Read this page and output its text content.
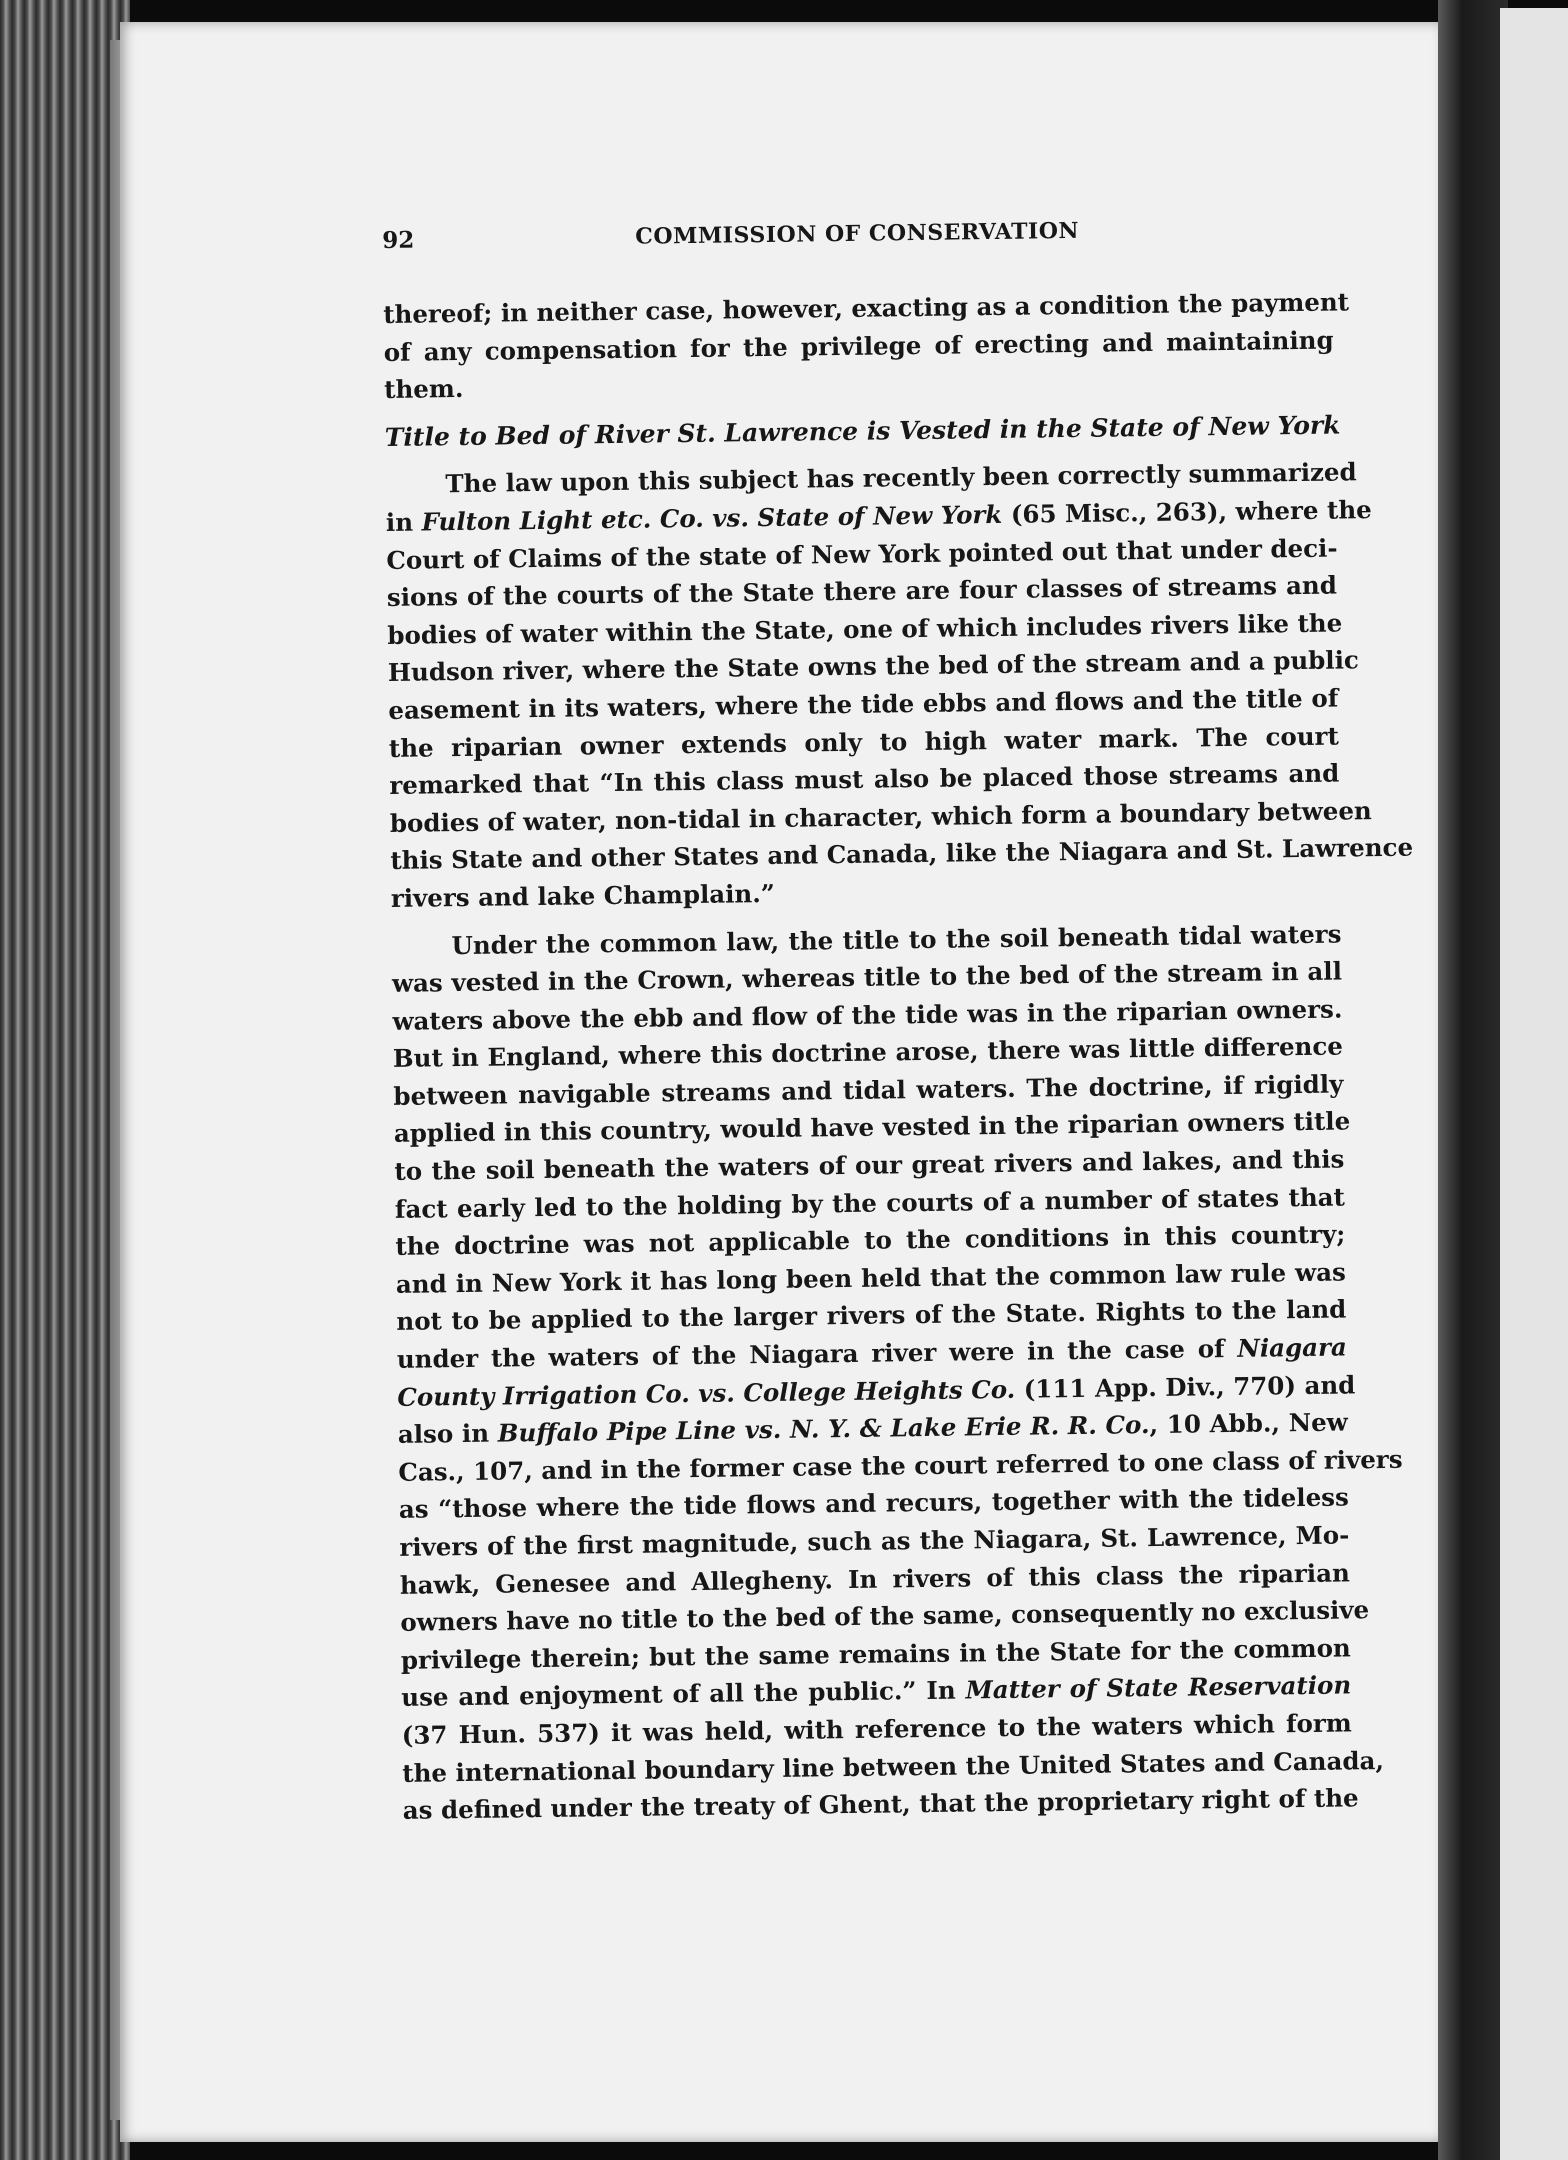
92	COMMISSION OF CONSERVATION
thereof; in neither case, however, exacting as a condition the payment
of any compensation for the privilege of erecting and maintaining
them.
Title to Bed of River St. Lawrence is Vested in the State of New York
The law upon this subject has recently been correctly summarized
in Fulton Light etc. Co. vs. State of New York (65 Misc., 263), where the
Court of Claims of the state of New York pointed out that under deci-
sions of the courts of the State there are four classes of streams and
bodies of water within the State, one of which includes rivers like the
Hudson river, where the State owns the bed of the stream and a public
easement in its waters, where the tide ebbs and flows and the title of
the riparian owner extends only to high water mark. The court
remarked that “In this class must also be placed those streams and
bodies of water, non-tidal in character, which form a boundary between
this State and other States and Canada, like the Niagara and St. Lawrence
rivers and lake Champlain.”
Under the common law, the title to the soil beneath tidal waters
was vested in the Crown, whereas title to the bed of the stream in all
waters above the ebb and flow of the tide was in the riparian owners.
But in England, where this doctrine arose, there was little difference
between navigable streams and tidal waters. The doctrine, if rigidly
applied in this country, would have vested in the riparian owners title
to the soil beneath the waters of our great rivers and lakes, and this
fact early led to the holding by the courts of a number of states that
the doctrine was not applicable to the conditions in this country;
and in New York it has long been held that the common law rule was
not to be applied to the larger rivers of the State. Rights to the land
under the waters of the Niagara river were in the case of Niagara
County Irrigation Co. vs. College Heights Co. (111 App. Div., 770) and
also in Buffalo Pipe Line vs. N. Y. & Lake Erie R. R. Co., 10 Abb., New
Cas., 107, and in the former case the court referred to one class of rivers
as “those where the tide flows and recurs, together with the tideless
rivers of the first magnitude, such as the Niagara, St. Lawrence, Mo-
hawk, Genesee and Allegheny. In rivers of this class the riparian
owners have no title to the bed of the same, consequently no exclusive
privilege therein; but the same remains in the State for the common
use and enjoyment of all the public.” In Matter of State Reservation
(37 Hun. 537) it was held, with reference to the waters which form
the international boundary line between the United States and Canada,
as defined under the treaty of Ghent, that the proprietary right of the
